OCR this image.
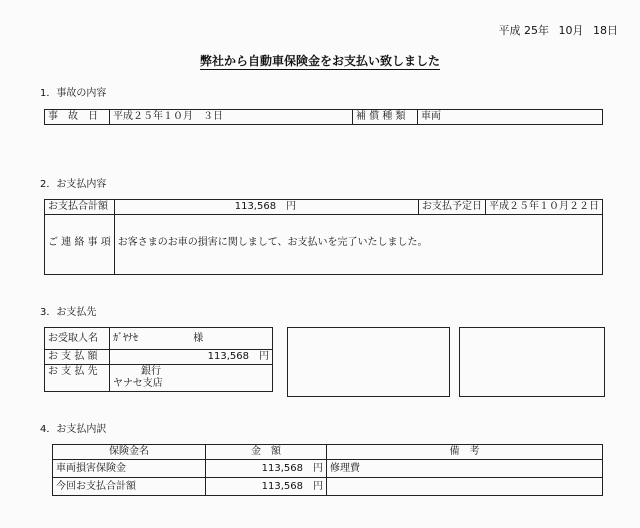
平成 25年 10月 18日
弊社から自動車保険金をお支払い致しました
1．事故の内容
事　故　日	平成２５年１０月　３日	補 償 種 類	車両
2．お支払内容
お支払合計額	113,568　円	お支払予定日	平成２５年１０月２２日
ご 連 絡 事 項	お客さまのお車の損害に関しまして、お支払いを完了いたしました。		
3．お支払先
お受取人名	ｶﾞﾔﾅｾ 様
お 支 払 額	113,568　円
お 支 払 先	銀行
ヤナセ支店
4．お支払内訳
保険金名	金　額	備　考
車両損害保険金	113,568　円	修理費
今回お支払合計額	113,568　円	
